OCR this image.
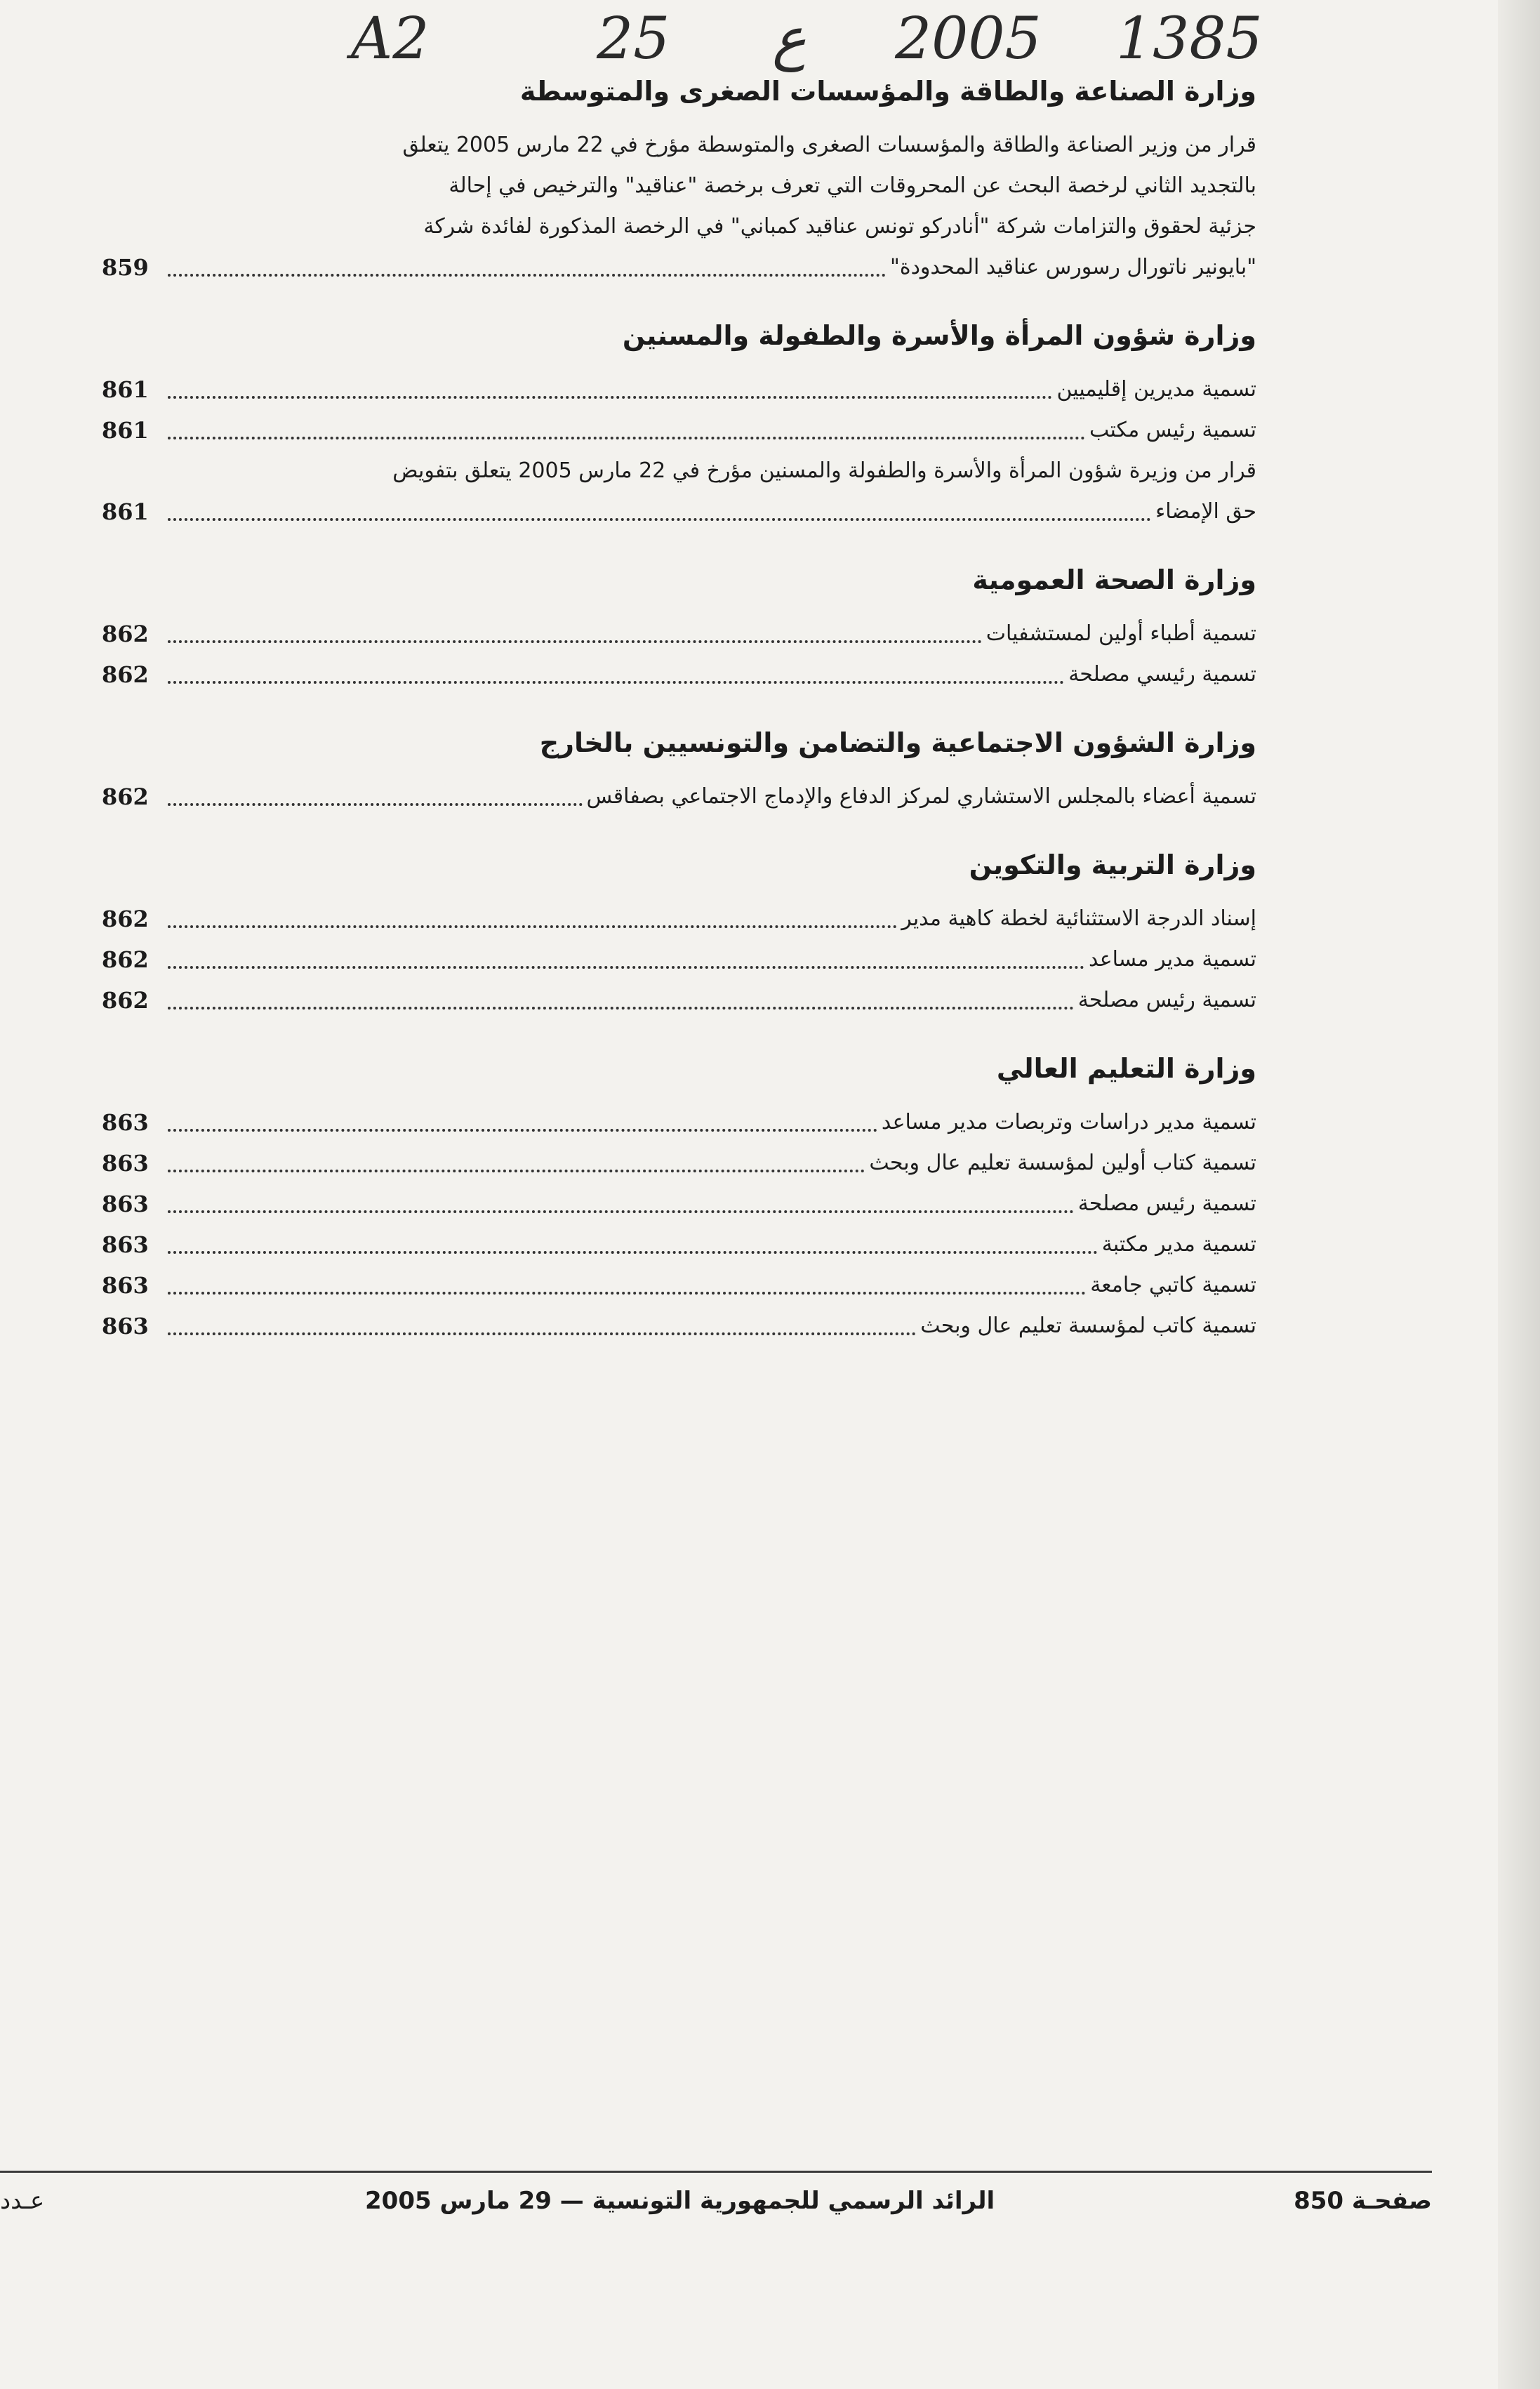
A2	25 ع 2005 1385
وزارة الصناعة والطاقة والمؤسسات الصغرى والمتوسطة
قرار من وزير الصناعة والطاقة والمؤسسات الصغرى والمتوسطة مؤرخ في 22 مارس 2005 يتعلق
بالتجديد الثاني لرخصة البحث عن المحروقات التي تعرف برخصة "عناقيد" والترخيص في إحالة
جزئية لحقوق والتزامات شركة "أنادركو تونس عناقيد كمباني" في الرخصة المذكورة لفائدة شركة
"بايونير ناتورال رسورس عناقيد المحدودة"
859
وزارة شؤون المرأة والأسرة والطفولة والمسنين
تسمية مديرين إقليميين
861
تسمية رئيس مكتب
861
قرار من وزيرة شؤون المرأة والأسرة والطفولة والمسنين مؤرخ في 22 مارس 2005 يتعلق بتفويض
حق الإمضاء
861
وزارة الصحة العمومية
تسمية أطباء أولين لمستشفيات
862
تسمية رئيسي مصلحة
862
وزارة الشؤون الاجتماعية والتضامن والتونسيين بالخارج
تسمية أعضاء بالمجلس الاستشاري لمركز الدفاع والإدماج الاجتماعي بصفاقس
862
وزارة التربية والتكوين
إسناد الدرجة الاستثنائية لخطة كاهية مدير
862
تسمية مدير مساعد
862
تسمية رئيس مصلحة
862
وزارة التعليم العالي
تسمية مدير دراسات وتربصات مدير مساعد
863
تسمية كتاب أولين لمؤسسة تعليم عال وبحث
863
تسمية رئيس مصلحة
863
تسمية مدير مكتبة
863
تسمية كاتبي جامعة
863
تسمية كاتب لمؤسسة تعليم عال وبحث
863
صفحـة 850
الرائد الرسمي للجمهورية التونسية — 29 مارس 2005
عـدد
